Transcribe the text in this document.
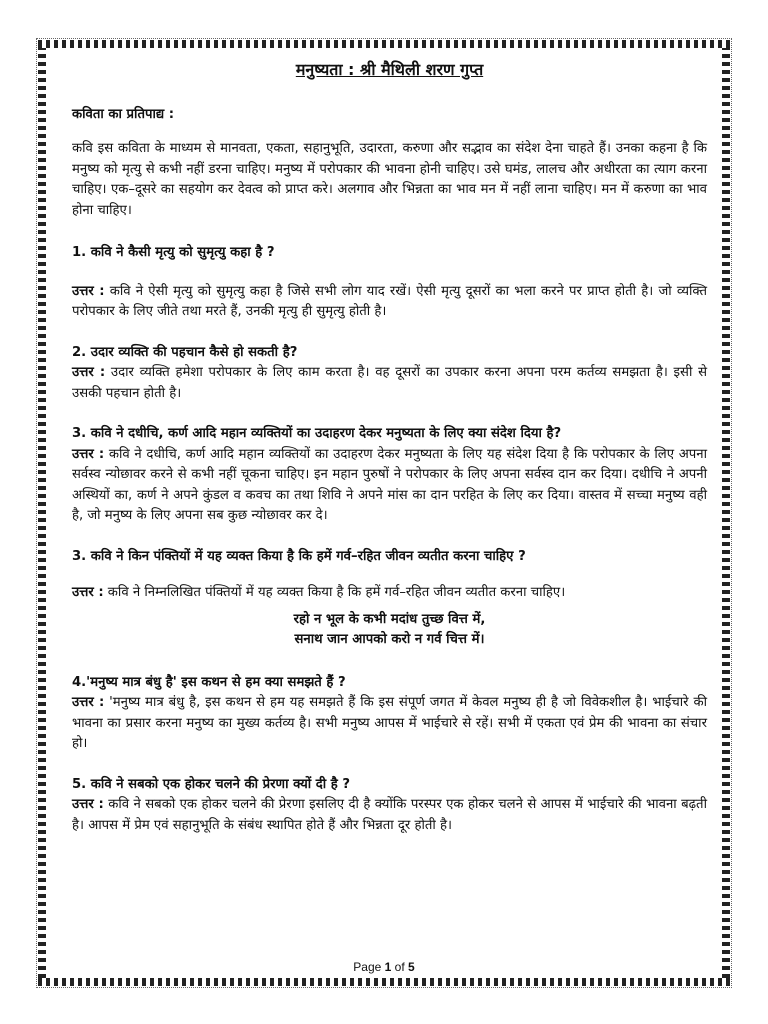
मनुष्यता : श्री मैथिली शरण गुप्त
कविता का प्रतिपाद्य :

कवि इस कविता के माध्यम से मानवता, एकता, सहानुभूति, उदारता, करुणा और सद्भाव का संदेश देना चाहते हैं। उनका कहना है कि मनुष्य को मृत्यु से कभी नहीं डरना चाहिए। मनुष्य में परोपकार की भावना होनी चाहिए। उसे घमंड, लालच और अधीरता का त्याग करना चाहिए। एक–दूसरे का सहयोग कर देवत्व को प्राप्त करे। अलगाव और भिन्नता का भाव मन में नहीं लाना चाहिए। मन में करुणा का भाव होना चाहिए।

1. कवि ने कैसी मृत्यु को सुमृत्यु कहा है ?

उत्तर : कवि ने ऐसी मृत्यु को सुमृत्यु कहा है जिसे सभी लोग याद रखें। ऐसी मृत्यु दूसरों का भला करने पर प्राप्त होती है। जो व्यक्ति परोपकार के लिए जीते तथा मरते हैं, उनकी मृत्यु ही सुमृत्यु होती है।

2. उदार व्यक्ति की पहचान कैसे हो सकती है?

उत्तर : उदार व्यक्ति हमेशा परोपकार के लिए काम करता है। वह दूसरों का उपकार करना अपना परम कर्तव्य समझता है। इसी से उसकी पहचान होती है।

3. कवि ने दधीचि, कर्ण आदि महान व्यक्तियों का उदाहरण देकर मनुष्यता के लिए क्या संदेश दिया है?

उत्तर : कवि ने दधीचि, कर्ण आदि महान व्यक्तियों का उदाहरण देकर मनुष्यता के लिए यह संदेश दिया है कि परोपकार के लिए अपना सर्वस्व न्योछावर करने से कभी नहीं चूकना चाहिए। इन महान पुरुषों ने परोपकार के लिए अपना सर्वस्व दान कर दिया। दधीचि ने अपनी अस्थियों का, कर्ण ने अपने कुंडल व कवच का तथा शिवि ने अपने मांस का दान परहित के लिए कर दिया। वास्तव में सच्चा मनुष्य वही है, जो मनुष्य के लिए अपना सब कुछ न्योछावर कर दे।

3. कवि ने किन पंक्तियों में यह व्यक्त किया है कि हमें गर्व–रहित जीवन व्यतीत करना चाहिए ?

उत्तर : कवि ने निम्नलिखित पंक्तियों में यह व्यक्त किया है कि हमें गर्व–रहित जीवन व्यतीत करना चाहिए।

रहो न भूल के कभी मदांध तुच्छ वित्त में,
सनाथ जान आपको करो न गर्व चित्त में।
4.'मनुष्य मात्र बंधु है' इस कथन से हम क्या समझते हैं ?

उत्तर : 'मनुष्य मात्र बंधु है, इस कथन से हम यह समझते हैं कि इस संपूर्ण जगत में केवल मनुष्य ही है जो विवेकशील है। भाईचारे की भावना का प्रसार करना मनुष्य का मुख्य कर्तव्य है। सभी मनुष्य आपस में भाईचारे से रहें। सभी में एकता एवं प्रेम की भावना का संचार हो।

5. कवि ने सबको एक होकर चलने की प्रेरणा क्यों दी है ?

उत्तर : कवि ने सबको एक होकर चलने की प्रेरणा इसलिए दी है क्योंकि परस्पर एक होकर चलने से आपस में भाईचारे की भावना बढ़ती है। आपस में प्रेम एवं सहानुभूति के संबंध स्थापित होते हैं और भिन्नता दूर होती है।

Page 1 of 5
